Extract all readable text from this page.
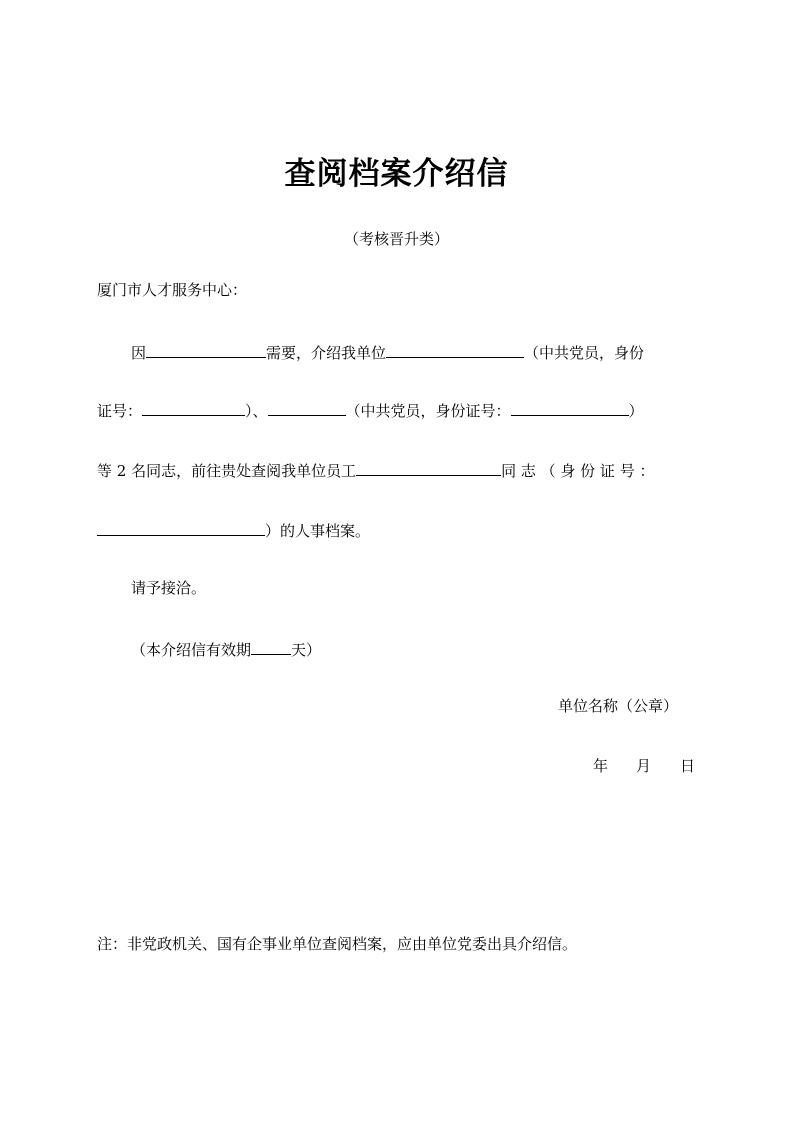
查阅档案介绍信
（考核晋升类）
厦门市人才服务中心：
因	需要，介绍我单位	（中共党员，身份
证号：	）、	（中共党员，身份证号：	）
等 2 名同志，前往贵处查阅我单位员工	同 志 （ 身 份 证 号 ：
）的人事档案。
请予接洽。
（本介绍信有效期	天）
单位名称（公章）
年 月 日
注：非党政机关、国有企事业单位查阅档案，应由单位党委出具介绍信。
